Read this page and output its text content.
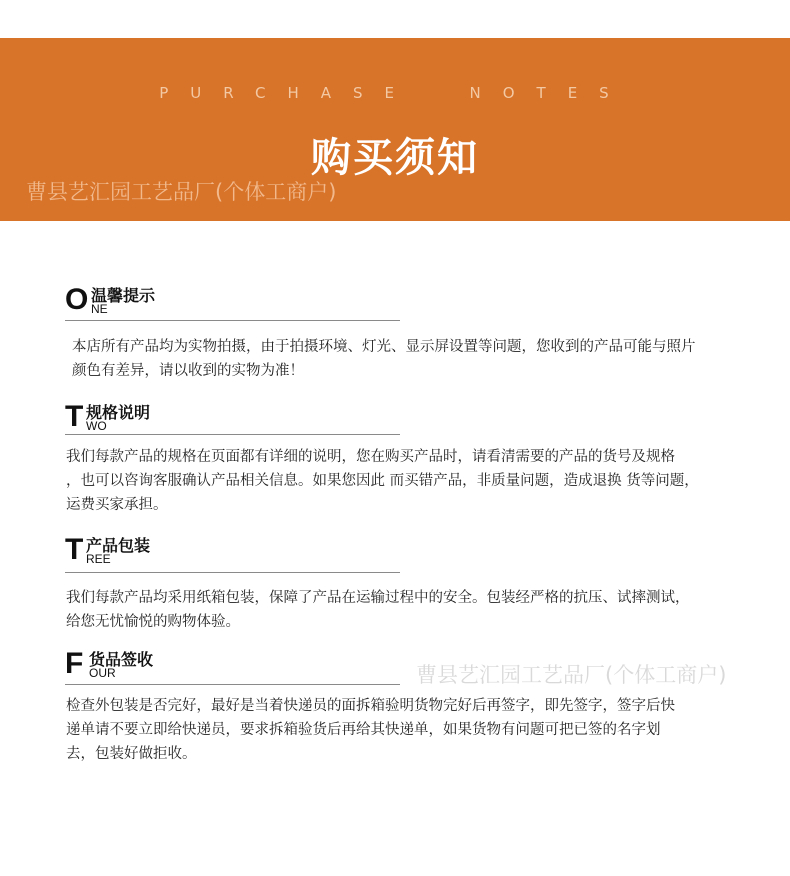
PURCHASE  NOTES
购买须知
曹县艺汇园工艺品厂(个体工商户)
O 温馨提示
NE
本店所有产品均为实物拍摄，由于拍摄环境、灯光、显示屏设置等问题，您收到的产品可能与照片
颜色有差异，请以收到的实物为准！
T 规格说明
WO
我们每款产品的规格在页面都有详细的说明，您在购买产品时，请看清需要的产品的货号及规格
，也可以咨询客服确认产品相关信息。如果您因此 而买错产品，非质量问题，造成退换 货等问题，
运费买家承担。
T 产品包装
REE
我们每款产品均采用纸箱包装，保障了产品在运输过程中的安全。包装经严格的抗压、试摔测试，
给您无忧愉悦的购物体验。
F 货品签收
OUR
检查外包装是否完好，最好是当着快递员的面拆箱验明货物完好后再签字，即先签字，签字后快
递单请不要立即给快递员，要求拆箱验货后再给其快递单，如果货物有问题可把已签的名字划
去，包装好做拒收。
曹县艺汇园工艺品厂(个体工商户)
